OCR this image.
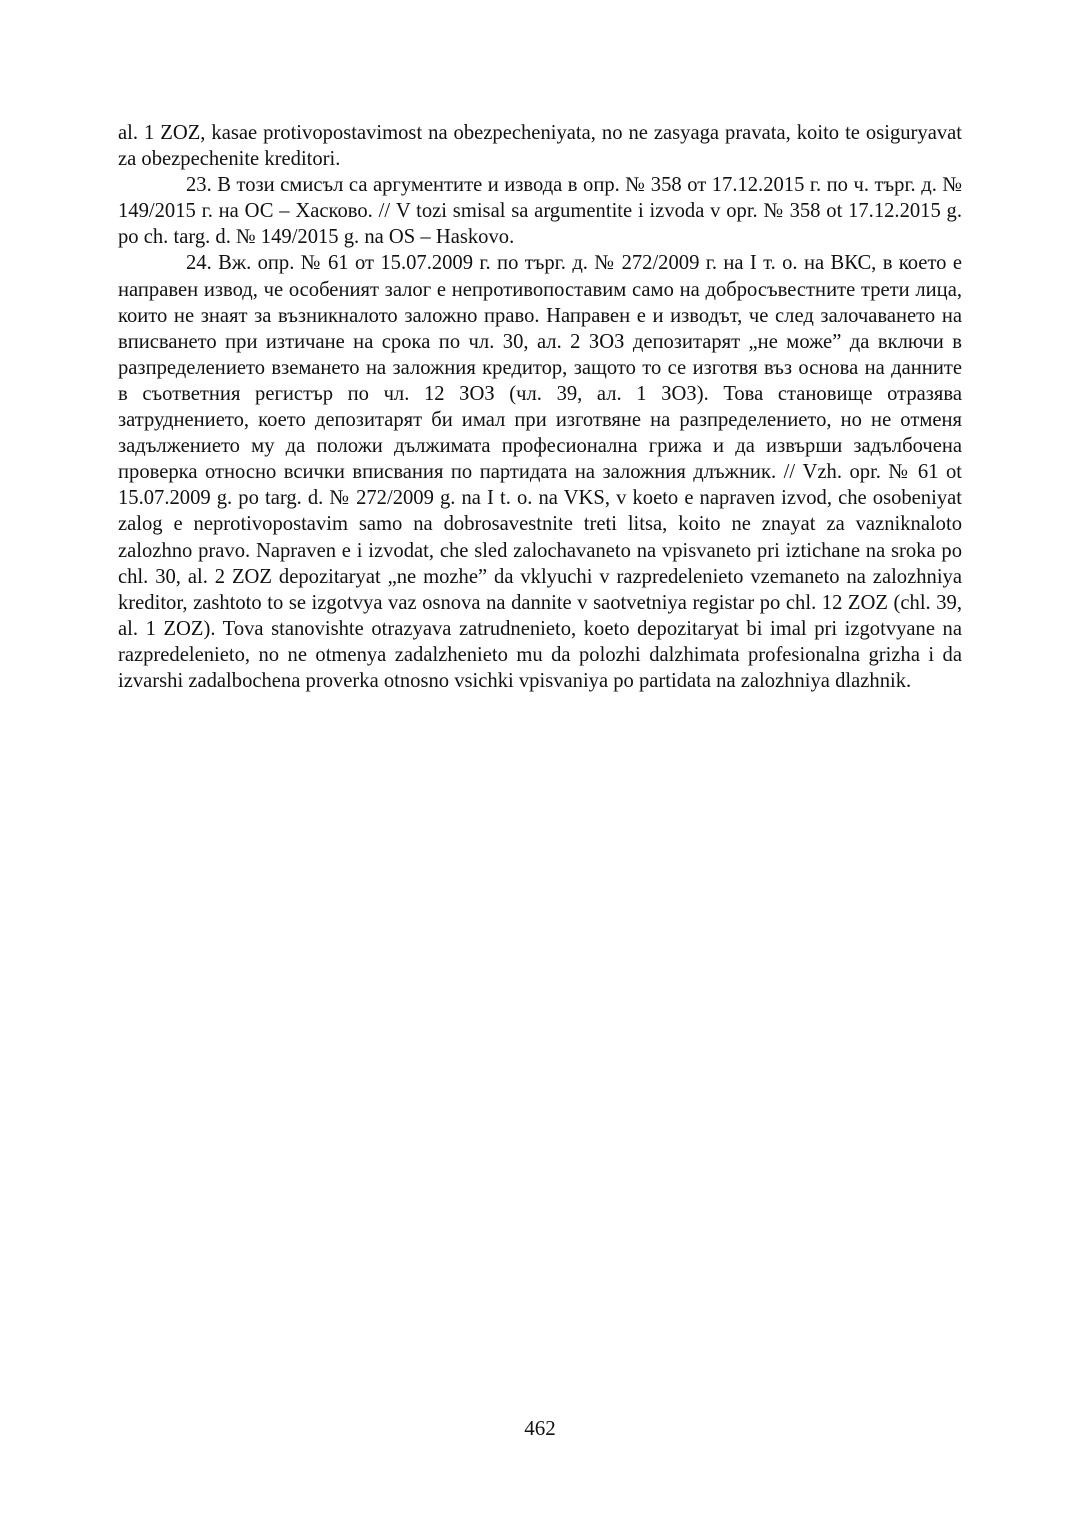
al. 1 ZOZ, kasae protivopostavimost na obezpecheniyata, no ne zasyaga pravata, koito te osiguryavat za obezpechenite kreditori.

23. В този смисъл са аргументите и извода в опр. № 358 от 17.12.2015 г. по ч. търг. д. № 149/2015 г. на ОС – Хасково. // V tozi smisal sa argumentite i izvoda v opr. № 358 ot 17.12.2015 g. po ch. targ. d. № 149/2015 g. na OS – Haskovo.

24. Вж. опр. № 61 от 15.07.2009 г. по търг. д. № 272/2009 г. на I т. о. на ВКС, в което е направен извод, че особеният залог е непротивопоставим само на добросъвестните трети лица, които не знаят за възникналото заложно право. Направен е и изводът, че след залочаването на вписването при изтичане на срока по чл. 30, ал. 2 ЗОЗ депозитарят „не може” да включи в разпределението вземането на заложния кредитор, защото то се изготвя въз основа на данните в съответния регистър по чл. 12 ЗОЗ (чл. 39, ал. 1 ЗОЗ). Това становище отразява затруднението, което депозитарят би имал при изготвяне на разпределението, но не отменя задължението му да положи дължимата професионална грижа и да извърши задълбочена проверка относно всички вписвания по партидата на заложния длъжник. // Vzh. opr. № 61 ot 15.07.2009 g. po targ. d. № 272/2009 g. na I t. o. na VKS, v koeto e napraven izvod, che osobeniyat zalog e neprotivopostavim samo na dobrosavestnite treti litsa, koito ne znayat za vazniknaloto zalozhno pravo. Napraven e i izvodat, che sled zalochavaneto na vpisvaneto pri iztichane na sroka po chl. 30, al. 2 ZOZ depozitaryat „ne mozhe” da vklyuchi v razpredelenieto vzemaneto na zalozhniya kreditor, zashtoto to se izgotvya vaz osnova na dannite v saotvetniya registar po chl. 12 ZOZ (chl. 39, al. 1 ZOZ). Tova stanovishte otrazyava zatrudnenieto, koeto depozitaryat bi imal pri izgotvyane na razpredelenieto, no ne otmenya zadalzhenieto mu da polozhi dalzhimata profesionalna grizha i da izvarshi zadalbochena proverka otnosno vsichki vpisvaniya po partidata na zalozhniya dlazhnik.

462
